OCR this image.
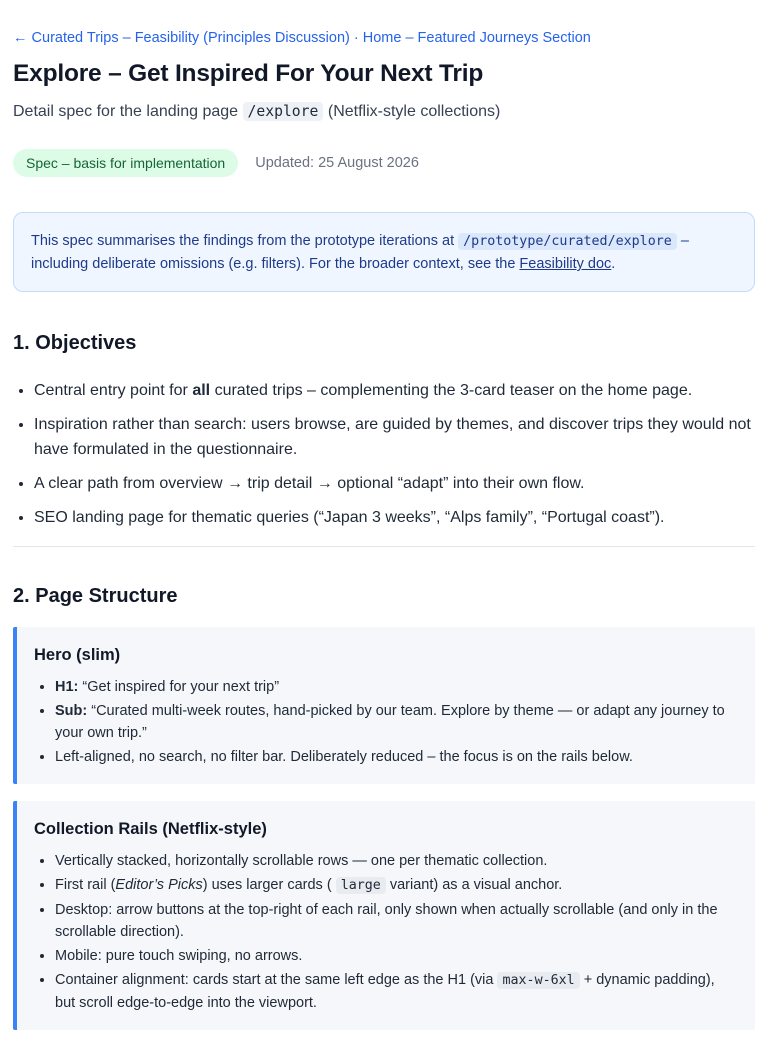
← Curated Trips – Feasibility (Principles Discussion) · Home – Featured Journeys Section
Explore – Get Inspired For Your Next Trip
Detail spec for the landing page /explore (Netflix-style collections)
Spec – basis for implementation	Updated: 25 August 2026
This spec summarises the findings from the prototype iterations at /prototype/curated/explore – including deliberate omissions (e.g. filters). For the broader context, see the Feasibility doc.
1. Objectives
• Central entry point for all curated trips – complementing the 3-card teaser on the home page.
• Inspiration rather than search: users browse, are guided by themes, and discover trips they would not have formulated in the questionnaire.
• A clear path from overview → trip detail → optional “adapt” into their own flow.
• SEO landing page for thematic queries (“Japan 3 weeks”, “Alps family”, “Portugal coast”).
2. Page Structure
Hero (slim)
• H1: “Get inspired for your next trip”
• Sub: “Curated multi-week routes, hand-picked by our team. Explore by theme — or adapt any journey to your own trip.”
• Left-aligned, no search, no filter bar. Deliberately reduced – the focus is on the rails below.
Collection Rails (Netflix-style)
• Vertically stacked, horizontally scrollable rows — one per thematic collection.
• First rail (Editor’s Picks) uses larger cards ( large variant) as a visual anchor.
• Desktop: arrow buttons at the top-right of each rail, only shown when actually scrollable (and only in the scrollable direction).
• Mobile: pure touch swiping, no arrows.
• Container alignment: cards start at the same left edge as the H1 (via max-w-6xl + dynamic padding), but scroll edge-to-edge into the viewport.
